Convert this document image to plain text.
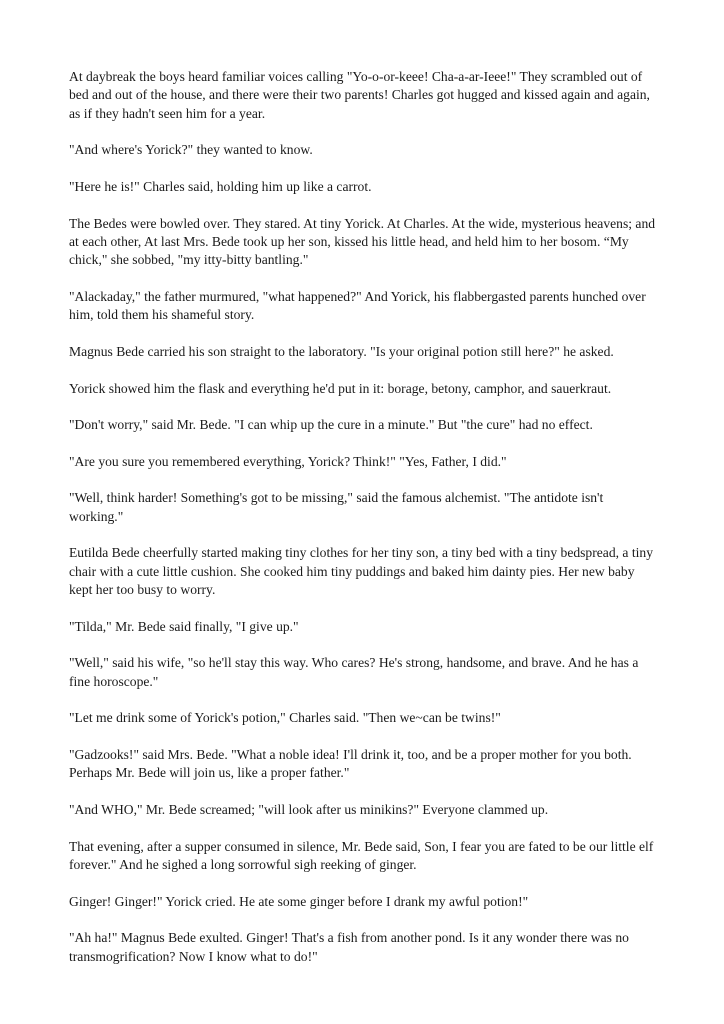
At daybreak the boys heard familiar voices calling "Yo-o-or-keee! Cha-a-ar-Ieee!" They scrambled out of bed and out of the house, and there were their two parents! Charles got hugged and kissed again and again, as if they hadn't seen him for a year.

"And where's Yorick?" they wanted to know.

"Here he is!" Charles said, holding him up like a carrot.

The Bedes were bowled over. They stared. At tiny Yorick. At Charles. At the wide, mysterious heavens; and at each other, At last Mrs. Bede took up her son, kissed his little head, and held him to her bosom. “My chick," she sobbed, "my itty-bitty bantling."

"Alackaday," the father murmured, "what happened?" And Yorick, his flabbergasted parents hunched over him, told them his shameful story.

Magnus Bede carried his son straight to the laboratory. "Is your original potion still here?" he asked.

Yorick showed him the flask and everything he'd put in it: borage, betony, camphor, and sauerkraut.

"Don't worry," said Mr. Bede. "I can whip up the cure in a minute." But "the cure" had no effect.

"Are you sure you remembered everything, Yorick? Think!" "Yes, Father, I did."

"Well, think harder! Something's got to be missing," said the famous alchemist. "The antidote isn't working."

Eutilda Bede cheerfully started making tiny clothes for her tiny son, a tiny bed with a tiny bedspread, a tiny chair with a cute little cushion. She cooked him tiny puddings and baked him dainty pies. Her new baby kept her too busy to worry.

"Tilda," Mr. Bede said finally, "I give up."

"Well," said his wife, "so he'll stay this way. Who cares? He's strong, handsome, and brave. And he has a fine horoscope."

"Let me drink some of Yorick's potion," Charles said. "Then we~can be twins!"

"Gadzooks!" said Mrs. Bede. "What a noble idea! I'll drink it, too, and be a proper mother for you both. Perhaps Mr. Bede will join us, like a proper father."

"And WHO," Mr. Bede screamed; "will look after us minikins?" Everyone clammed up.

That evening, after a supper consumed in silence, Mr. Bede said, Son, I fear you are fated to be our little elf forever." And he sighed a long sorrowful sigh reeking of ginger.

Ginger! Ginger!" Yorick cried. He ate some ginger before I drank my awful potion!"

"Ah ha!" Magnus Bede exulted. Ginger! That's a fish from another pond. Is it any wonder there was no transmogrification? Now I know what to do!"
